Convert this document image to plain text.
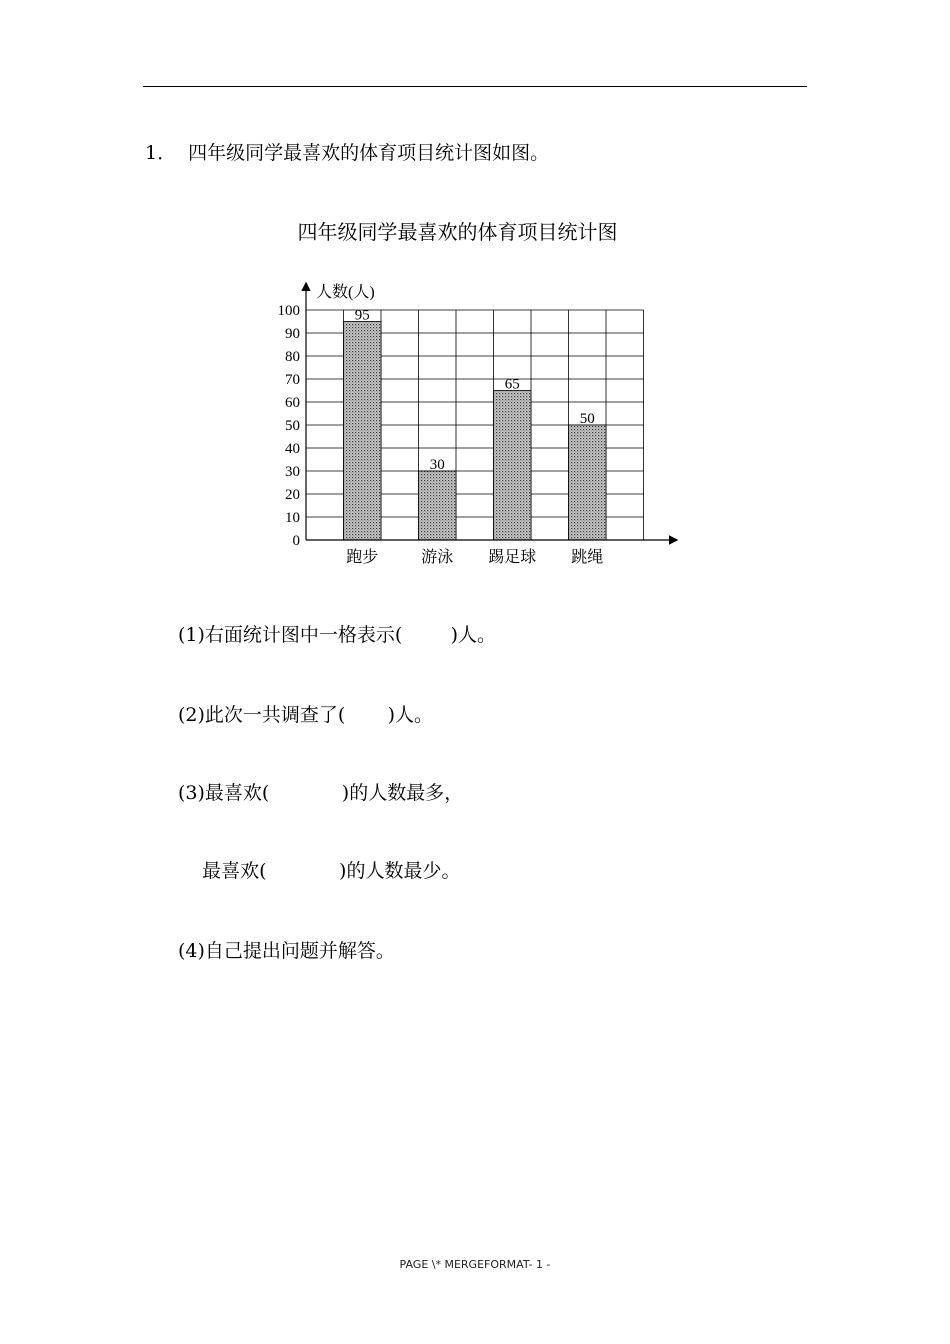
1． 四年级同学最喜欢的体育项目统计图如图。
四年级同学最喜欢的体育项目统计图
人数(人)
0
10
20
30
40
50
60
70
80
90
100	95
跑步
30
游泳
65
踢足球
50
跳绳
(1)右面统计图中一格表示(        )人。
(2)此次一共调查了(       )人。
(3)最喜欢(            )的人数最多，
最喜欢(            )的人数最少。
(4)自己提出问题并解答。
PAGE \* MERGEFORMAT- 1 -
